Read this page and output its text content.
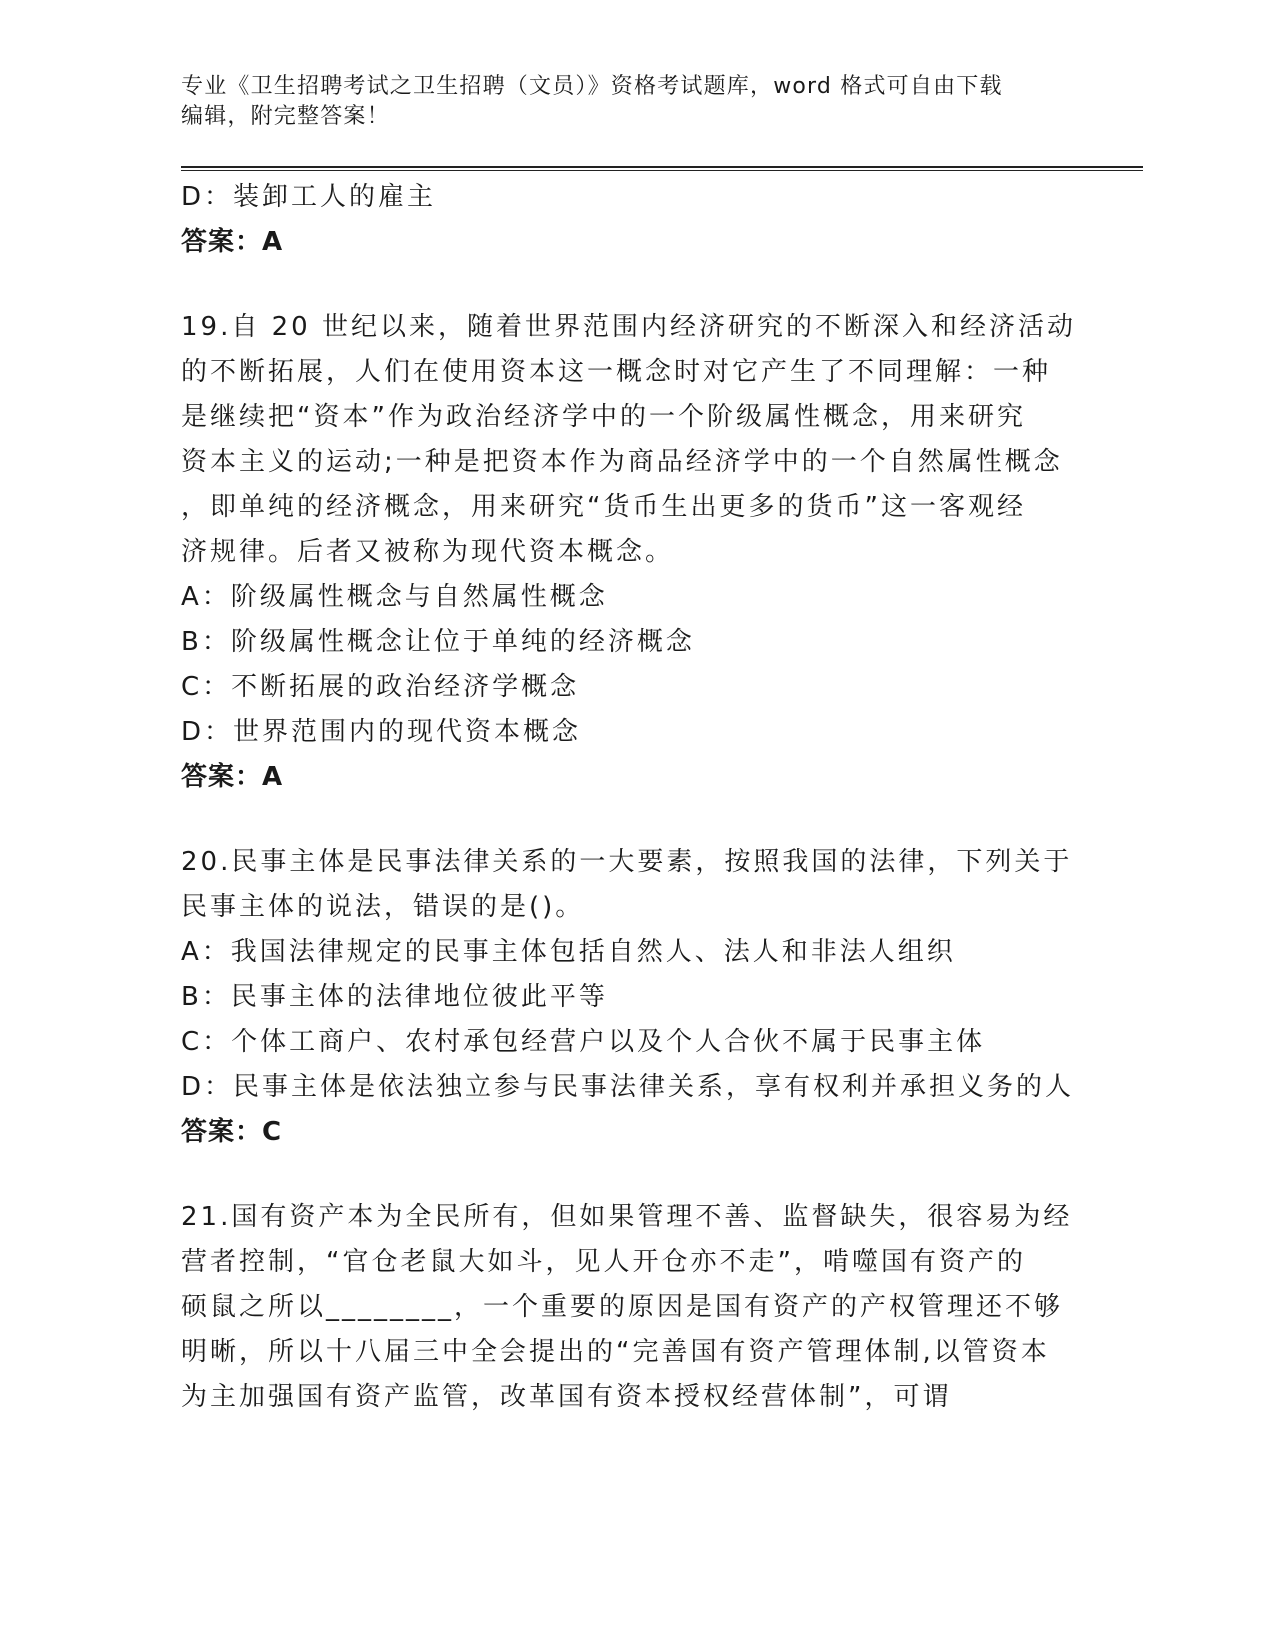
专业《卫生招聘考试之卫生招聘（文员）》资格考试题库，word 格式可自由下载

编辑，附完整答案！

D：装卸工人的雇主
答案：A
19.自 20 世纪以来，随着世界范围内经济研究的不断深入和经济活动
的不断拓展，人们在使用资本这一概念时对它产生了不同理解：一种
是继续把“资本”作为政治经济学中的一个阶级属性概念，用来研究
资本主义的运动;一种是把资本作为商品经济学中的一个自然属性概念
，即单纯的经济概念，用来研究“货币生出更多的货币”这一客观经
济规律。后者又被称为现代资本概念。
A：阶级属性概念与自然属性概念
B：阶级属性概念让位于单纯的经济概念
C：不断拓展的政治经济学概念
D：世界范围内的现代资本概念
答案：A
20.民事主体是民事法律关系的一大要素，按照我国的法律，下列关于
民事主体的说法，错误的是()。
A：我国法律规定的民事主体包括自然人、法人和非法人组织
B：民事主体的法律地位彼此平等
C：个体工商户、农村承包经营户以及个人合伙不属于民事主体
D：民事主体是依法独立参与民事法律关系，享有权利并承担义务的人
答案：C
21.国有资产本为全民所有，但如果管理不善、监督缺失，很容易为经
营者控制，“官仓老鼠大如斗，见人开仓亦不走”，啃噬国有资产的
硕鼠之所以________，一个重要的原因是国有资产的产权管理还不够
明晰，所以十八届三中全会提出的“完善国有资产管理体制,以管资本
为主加强国有资产监管，改革国有资本授权经营体制”，可谓
